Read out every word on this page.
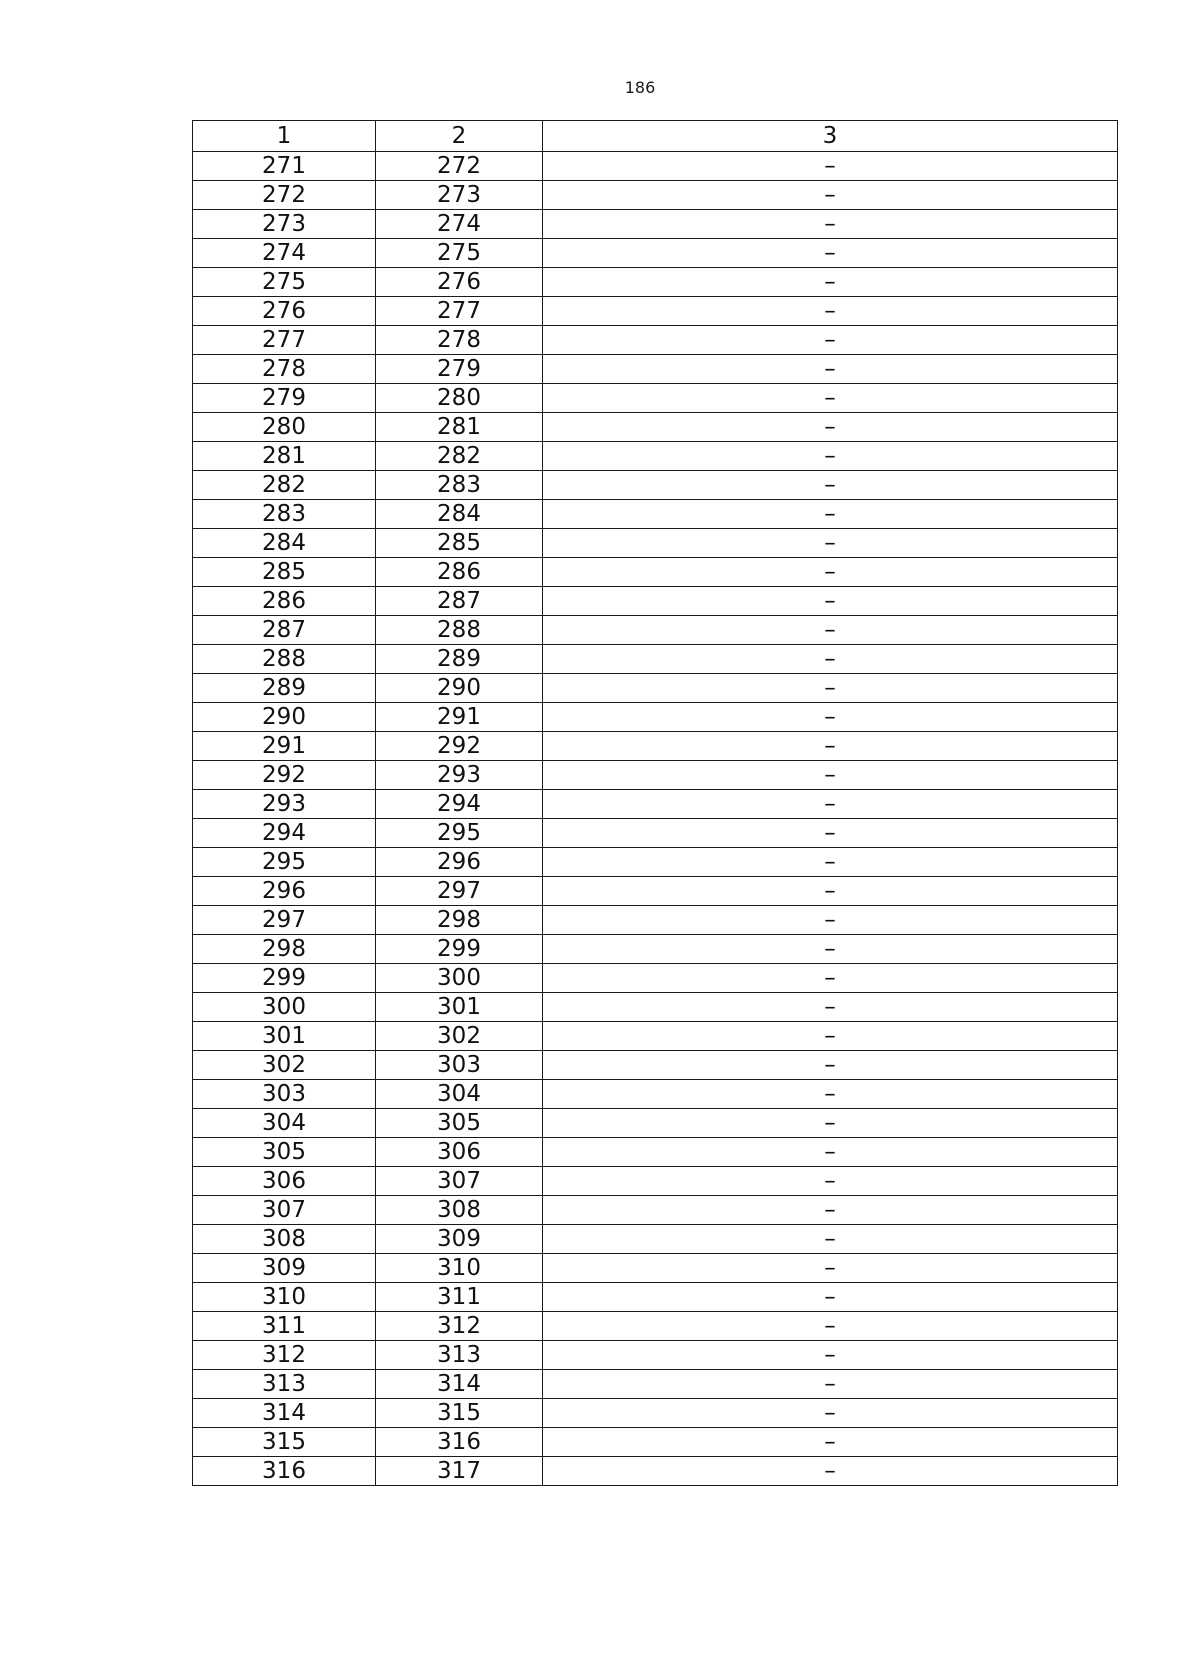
186
1	2	3
271	272	–
272	273	–
273	274	–
274	275	–
275	276	–
276	277	–
277	278	–
278	279	–
279	280	–
280	281	–
281	282	–
282	283	–
283	284	–
284	285	–
285	286	–
286	287	–
287	288	–
288	289	–
289	290	–
290	291	–
291	292	–
292	293	–
293	294	–
294	295	–
295	296	–
296	297	–
297	298	–
298	299	–
299	300	–
300	301	–
301	302	–
302	303	–
303	304	–
304	305	–
305	306	–
306	307	–
307	308	–
308	309	–
309	310	–
310	311	–
311	312	–
312	313	–
313	314	–
314	315	–
315	316	–
316	317	–
